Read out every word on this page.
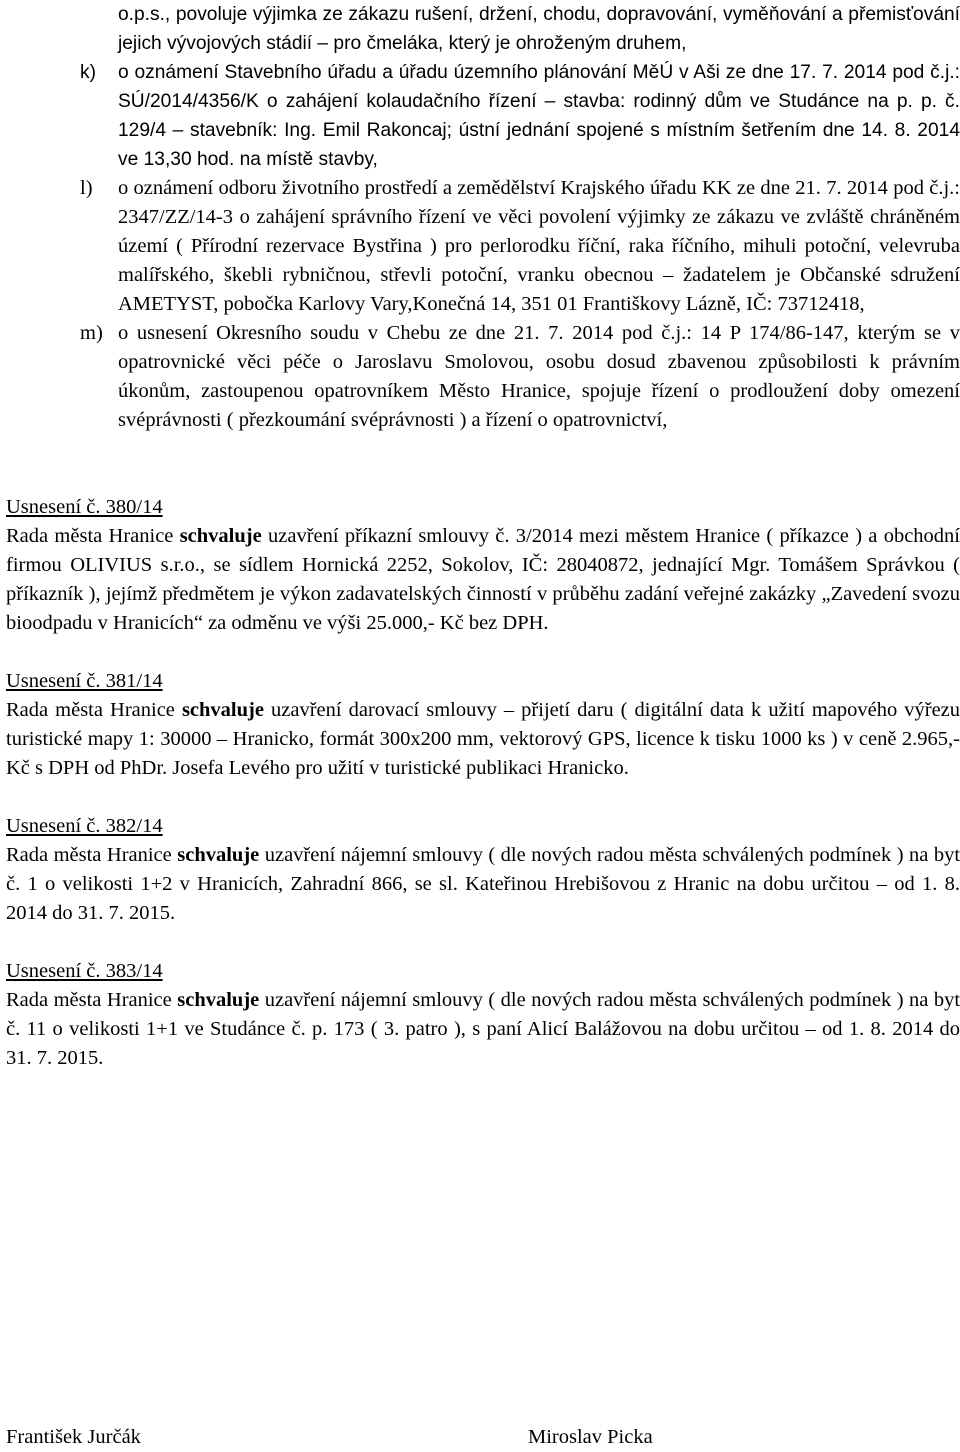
o.p.s., povoluje výjimka ze zákazu rušení, držení, chodu, dopravování, vyměňování a přemisťování jejich vývojových stádií – pro čmeláka, který je ohroženým druhem,
k) o oznámení Stavebního úřadu a úřadu územního plánování MěÚ v Aši ze dne 17. 7. 2014 pod č.j.: SÚ/2014/4356/K o zahájení kolaudačního řízení – stavba: rodinný dům ve Studánce na p. p. č. 129/4 – stavebník: Ing. Emil Rakoncaj; ústní jednání spojené s místním šetřením dne 14. 8. 2014 ve 13,30 hod. na místě stavby,
l) o oznámení odboru životního prostředí a zemědělství Krajského úřadu KK ze dne 21. 7. 2014 pod č.j.: 2347/ZZ/14-3 o zahájení správního řízení ve věci povolení výjimky ze zákazu ve zvláště chráněném území ( Přírodní rezervace Bystřina ) pro perlorodku říční, raka říčního, mihuli potoční, velevruba malířského, škebli rybničnou, střevli potoční, vranku obecnou – žadatelem je Občanské sdružení AMETYST, pobočka Karlovy Vary,Konečná 14, 351 01 Františkovy Lázně, IČ: 73712418,
m) o usnesení Okresního soudu v Chebu ze dne 21. 7. 2014 pod č.j.: 14 P 174/86-147, kterým se v opatrovnické věci péče o Jaroslavu Smolovou, osobu dosud zbavenou způsobilosti k právním úkonům, zastoupenou opatrovníkem Město Hranice, spojuje řízení o prodloužení doby omezení svéprávnosti ( přezkoumání svéprávnosti ) a řízení o opatrovnictví,
Usnesení č. 380/14
Rada města Hranice schvaluje uzavření příkazní smlouvy č. 3/2014 mezi městem Hranice ( příkazce ) a obchodní firmou OLIVIUS s.r.o., se sídlem Hornická 2252, Sokolov, IČ: 28040872, jednající Mgr. Tomášem Správkou ( příkazník ), jejímž předmětem je výkon zadavatelských činností v průběhu zadání veřejné zakázky „Zavedení svozu bioodpadu v Hranicích“ za odměnu ve výši 25.000,- Kč bez DPH.
Usnesení č. 381/14
Rada města Hranice schvaluje uzavření darovací smlouvy – přijetí daru ( digitální data k užití mapového výřezu turistické mapy 1: 30000 – Hranicko, formát 300x200 mm, vektorový GPS, licence k tisku 1000 ks ) v ceně 2.965,- Kč s DPH od PhDr. Josefa Levého pro užití v turistické publikaci Hranicko.
Usnesení č. 382/14
Rada města Hranice schvaluje uzavření nájemní smlouvy ( dle nových radou města schválených podmínek ) na byt č. 1 o velikosti 1+2 v Hranicích, Zahradní 866, se sl. Kateřinou Hrebišovou z Hranic na dobu určitou – od 1. 8. 2014 do 31. 7. 2015.
Usnesení č. 383/14
Rada města Hranice schvaluje uzavření nájemní smlouvy ( dle nových radou města schválených podmínek ) na byt č. 11 o velikosti 1+1 ve Studánce č. p. 173 ( 3. patro ), s paní Alicí Balážovou na dobu určitou – od 1. 8. 2014 do 31. 7. 2015.
František Jurčák	Miroslav Picka
